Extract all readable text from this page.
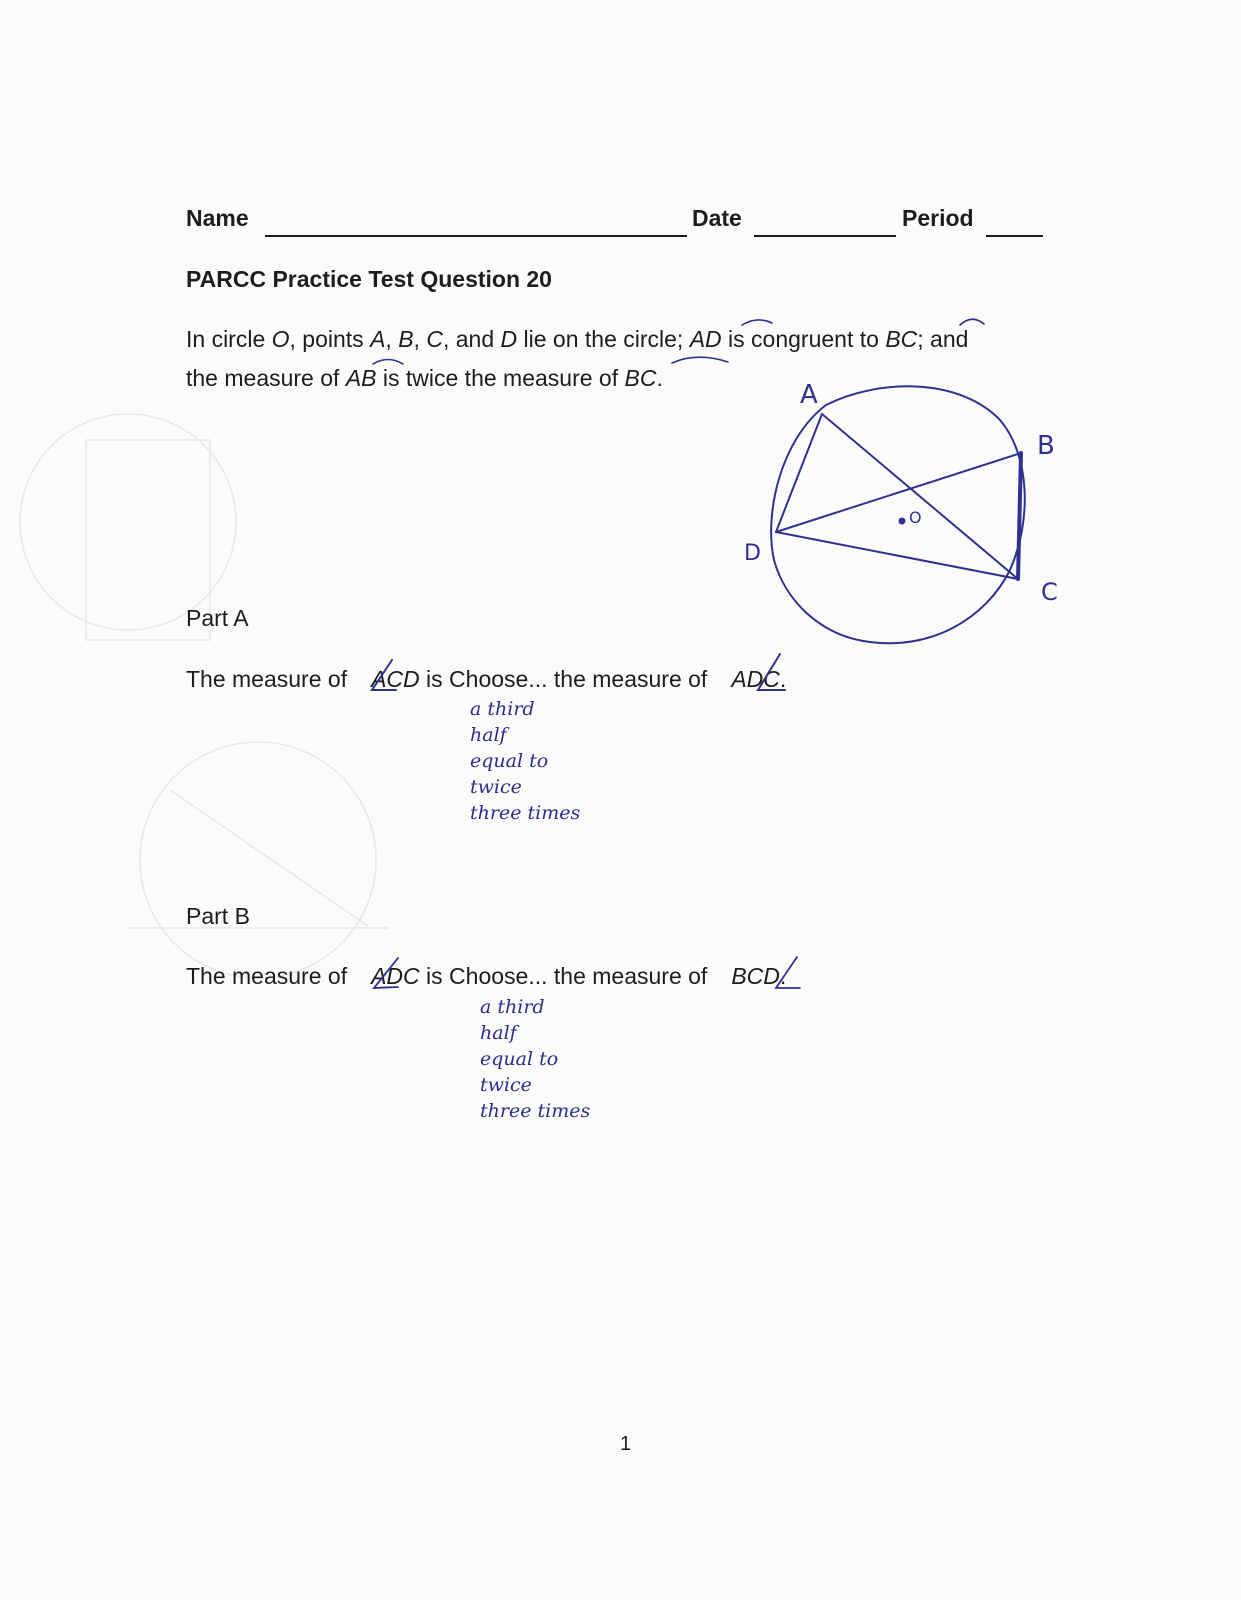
Name	Date	Period
PARCC Practice Test Question 20
In circle O, points A, B, C, and D lie on the circle; AD is congruent to BC; and
the measure of AB is twice the measure of BC.
A
B
C
D
O
Part A
The measure of ACD is Choose... the measure of ADC.
a third
half
equal to
twice
three times
Part B
The measure of ADC is Choose... the measure of BCD.
a third
half
equal to
twice
three times
1
